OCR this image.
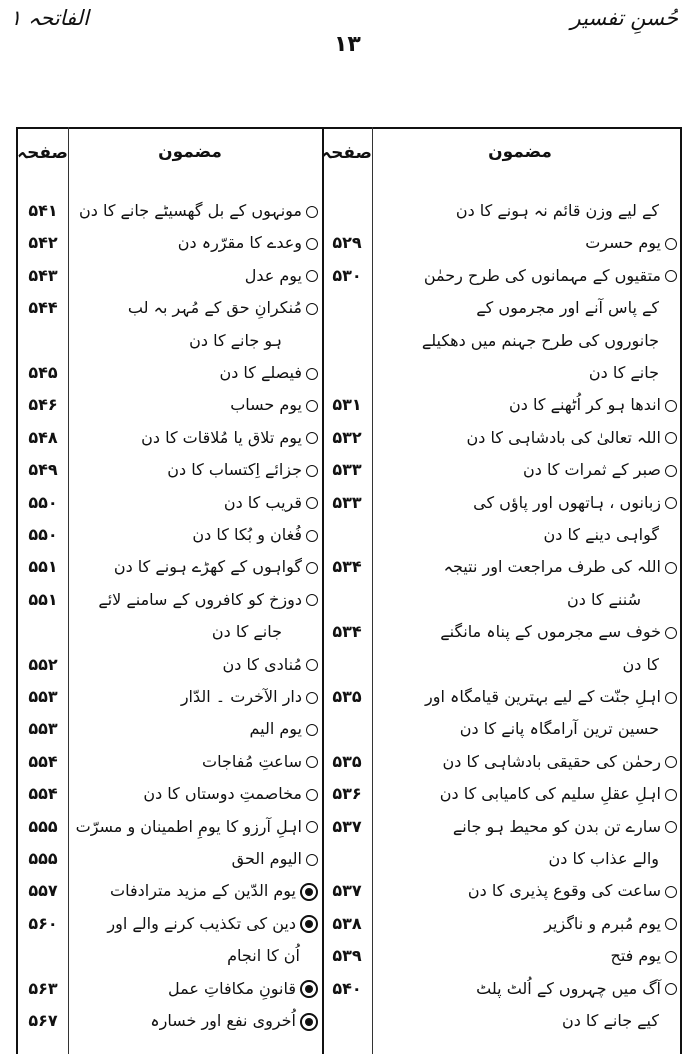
حُسنِ تفسیر
الفاتحہ ۱
۱۳
مضمون
صفحہ
مضمون
صفحہ
کے لیے وزن قائم نہ ہونے کا دن
یوم حسرت
۵۲۹
متقیوں کے مہمانوں کی طرح رحمٰن
۵۳۰
کے پاس آنے اور مجرموں کے
جانوروں کی طرح جہنم میں دھکیلے
جانے کا دن
اندھا ہو کر اُٹھنے کا دن
۵۳۱
اللہ تعالیٰ کی بادشاہی کا دن
۵۳۲
صبر کے ثمرات کا دن
۵۳۳
زبانوں ، ہاتھوں اور پاؤں کی
۵۳۳
گواہی دینے کا دن
اللہ کی طرف مراجعت اور نتیجہ
۵۳۴
سُننے کا دن
خوف سے مجرموں کے پناہ مانگنے
۵۳۴
کا دن
اہلِ جنّت کے لیے بہترین قیامگاہ اور
۵۳۵
حسین ترین آرامگاہ پانے کا دن
رحمٰن کی حقیقی بادشاہی کا دن
۵۳۵
اہلِ عقلِ سلیم کی کامیابی کا دن
۵۳۶
سارے تن بدن کو محیط ہو جانے
۵۳۷
والے عذاب کا دن
ساعت کی وقوع پذیری کا دن
۵۳۷
یوم مُبرم و ناگزیر
۵۳۸
یوم فتح
۵۳۹
آگ میں چہروں کے اُلٹ پلٹ
۵۴۰
کیے جانے کا دن
مونہوں کے بل گھسیٹے جانے کا دن
۵۴۱
وعدے کا مقرّرہ دن
۵۴۲
یوم عدل
۵۴۳
مُنکرانِ حق کے مُہر بہ لب
۵۴۴
ہو جانے کا دن
فیصلے کا دن
۵۴۵
یوم حساب
۵۴۶
یوم تلاق یا مُلاقات کا دن
۵۴۸
جزائے اِکتساب کا دن
۵۴۹
قریب کا دن
۵۵۰
فُغان و بُکا کا دن
۵۵۰
گواہوں کے کھڑے ہونے کا دن
۵۵۱
دوزخ کو کافروں کے سامنے لائے
۵۵۱
جانے کا دن
مُنادی کا دن
۵۵۲
دار الآخرت ۔ الدّار
۵۵۳
یوم الیم
۵۵۳
ساعتِ مُفاجات
۵۵۴
مخاصمتِ دوستاں کا دن
۵۵۴
اہلِ آرزو کا یومِ اطمینان و مسرّت
۵۵۵
الیوم الحق
۵۵۵
یوم الدّین کے مزید مترادفات
۵۵۷
دین کی تکذیب کرنے والے اور
۵۶۰
اُن کا انجام
قانونِ مکافاتِ عمل
۵۶۳
اُخروی نفع اور خسارہ
۵۶۷
